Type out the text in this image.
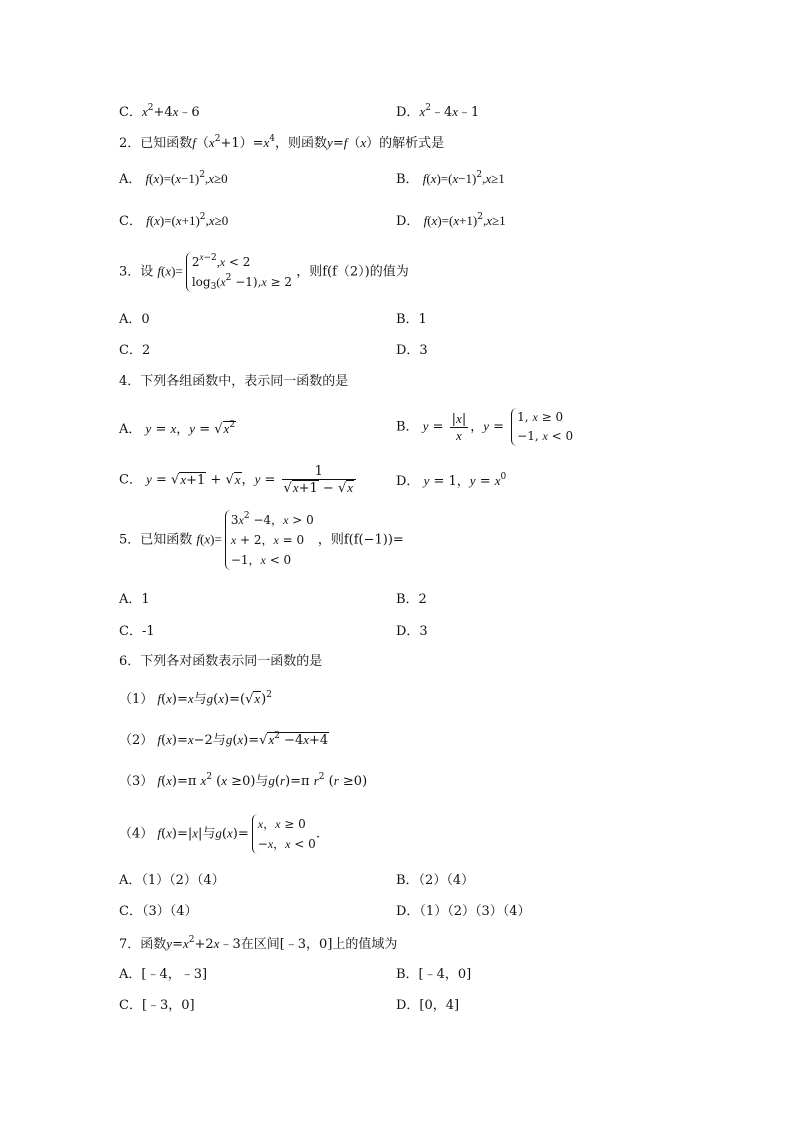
C．$x^2+4x﹣6$	D．$x^2﹣4x﹣1$
2．已知函数$f(x^2+1)=x^4$，则函数y=f（x）的解析式是
A． $f(x)=(x-1)^2,x\ge 0$	B． $f(x)=(x-1)^2,x\ge 1$
C． $f(x)=(x+1)^2,x\ge 0$	D． $f(x)=(x+1)^2,x\ge 1$
3．设 f(x)=
$2^{x-2},x < 2$
$\log_3(x^2 -1),x \ge 2$
，则f(f（2）)的值为
A．0	B．1
C．2	D．3
4．下列各组函数中，表示同一函数的是
A． y = x，$y = √x^2$	B． $y = \frac{|x|}{x}$ ，y =
1, x ≥ 0
−1, x < 0
C． y = √x+1 + √x，$y = \frac{1}{√x+1 - √x}$	D． y = 1，$y = x^0$
5．已知函数 f(x)=
$3x^2 -4$，x > 0
x + 2，x = 0
−1，x < 0
，则f(f(−1))=
A．1	B．2
C．-1	D．3
6．下列各对函数表示同一函数的是
（1） f(x)=x与$g(x)=(√x)^2$
（2） f(x)=x−2与$g(x)=√x^2 -4x+4$
（3） f(x)=π $x^2$ (x ≥0)与g(r)=π $r^2$ (r ≥0)
（4） f(x)=|x|与g(x)=
x，x ≥ 0
−x，x < 0
.
A．（1）（2）（4）	B．（2）（4）
C．（3）（4）	D．（1）（2）（3）（4）
7．函数$y=x^2+2x﹣3$在区间[﹣3，0]上的值域为
A．[﹣4，﹣3]	B．[﹣4，0]
C．[﹣3，0]	D．[0，4]
